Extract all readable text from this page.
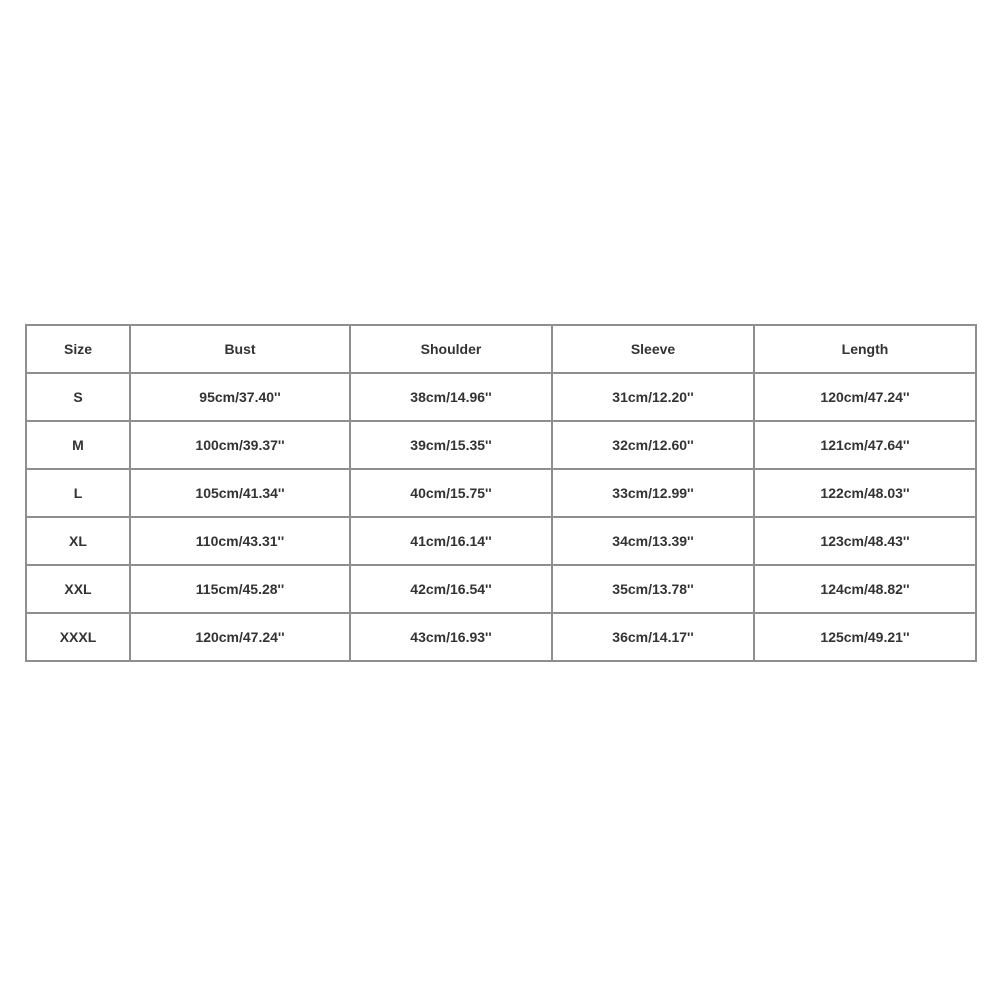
Size	Bust	Shoulder	Sleeve	Length
S	95cm/37.40''	38cm/14.96''	31cm/12.20''	120cm/47.24''
M	100cm/39.37''	39cm/15.35''	32cm/12.60''	121cm/47.64''
L	105cm/41.34''	40cm/15.75''	33cm/12.99''	122cm/48.03''
XL	110cm/43.31''	41cm/16.14''	34cm/13.39''	123cm/48.43''
XXL	115cm/45.28''	42cm/16.54''	35cm/13.78''	124cm/48.82''
XXXL	120cm/47.24''	43cm/16.93''	36cm/14.17''	125cm/49.21''
